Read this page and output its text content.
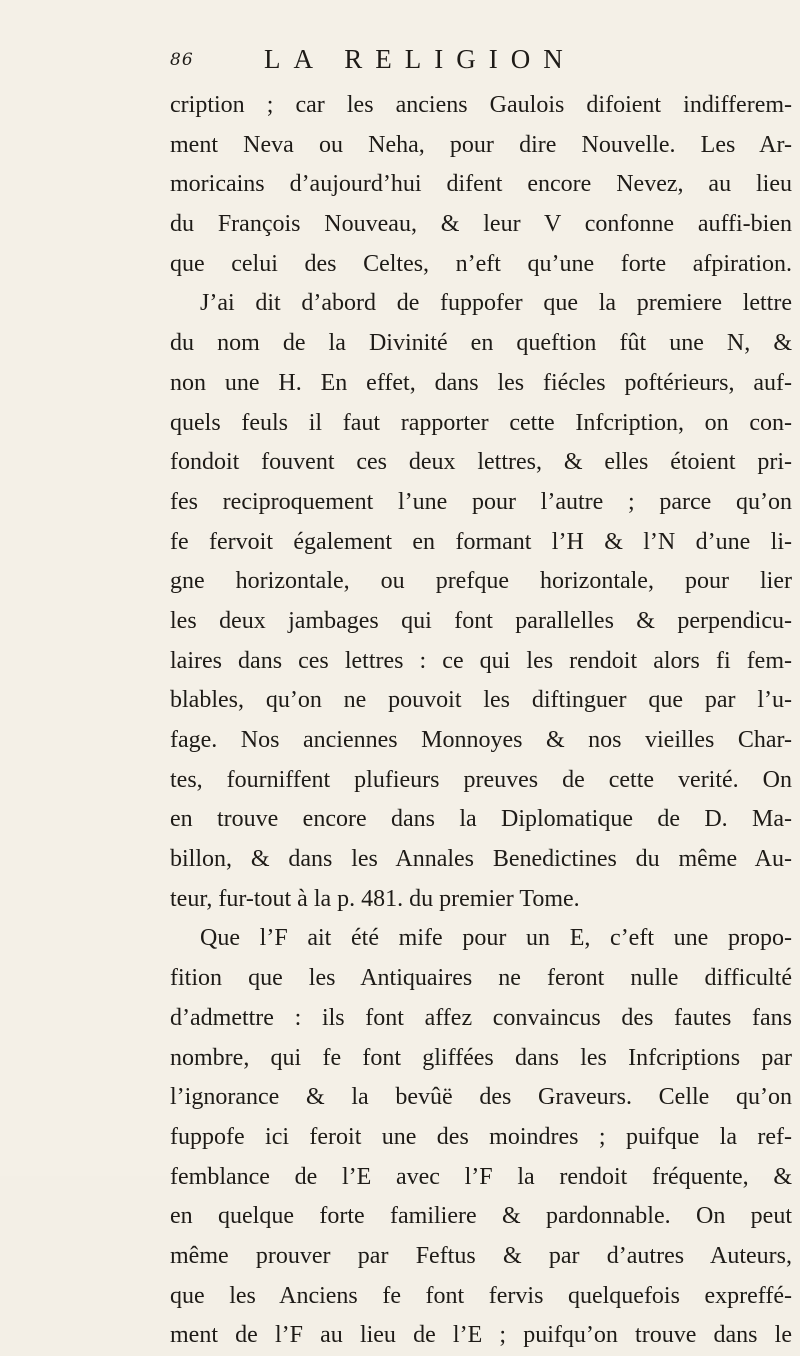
86	LA RELIGION
cription ; car les anciens Gaulois difoient indifferem-
ment Neva ou Neha, pour dire Nouvelle. Les Ar-
moricains d’aujourd’hui difent encore Nevez, au lieu
du François Nouveau, & leur V confonne auffi-bien
que celui des Celtes, n’eft qu’une forte afpiration.
J’ai dit d’abord de fuppofer que la premiere lettre
du nom de la Divinité en queftion fût une N, &
non une H. En effet, dans les fiécles poftérieurs, auf-
quels feuls il faut rapporter cette Infcription, on con-
fondoit fouvent ces deux lettres, & elles étoient pri-
fes reciproquement l’une pour l’autre ; parce qu’on
fe fervoit également en formant l’H & l’N d’une li-
gne horizontale, ou prefque horizontale, pour lier
les deux jambages qui font parallelles & perpendicu-
laires dans ces lettres : ce qui les rendoit alors fi fem-
blables, qu’on ne pouvoit les diftinguer que par l’u-
fage. Nos anciennes Monnoyes & nos vieilles Char-
tes, fourniffent plufieurs preuves de cette verité. On
en trouve encore dans la Diplomatique de D. Ma-
billon, & dans les Annales Benedictines du même Au-
teur, fur-tout à la p. 481. du premier Tome.
Que l’F ait été mife pour un E, c’eft une propo-
fition que les Antiquaires ne feront nulle difficulté
d’admettre : ils font affez convaincus des fautes fans
nombre, qui fe font gliffées dans les Infcriptions par
l’ignorance & la bevûë des Graveurs. Celle qu’on
fuppofe ici feroit une des moindres ; puifque la ref-
femblance de l’E avec l’F la rendoit fréquente, &
en quelque forte familiere & pardonnable. On peut
même prouver par Feftus & par d’autres Auteurs,
que les Anciens fe font fervis quelquefois expreffé-
ment de l’F au lieu de l’E ; puifqu’on trouve dans le
